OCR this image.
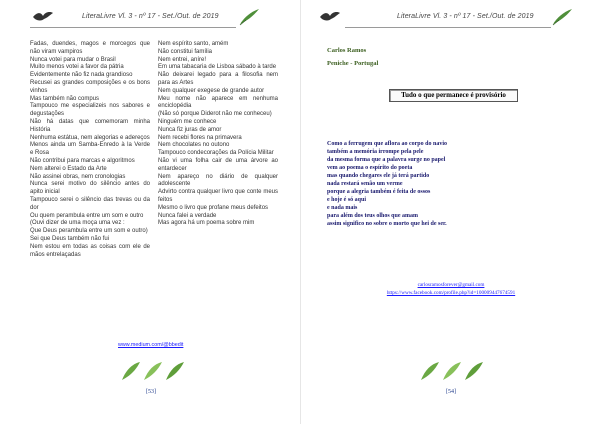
LiteraLivre Vl. 3 - nº 17 - Set./Out. de 2019

Fadas, duendes, magos e morcegos que não viram vampiros

Nunca votei para mudar o Brasil

Muito menos votei a favor da pátria

Evidentemente não fiz nada grandioso

Recusei as grandes composições e os bons vinhos

Mas também não compus

Tampouco me especializeis nos sabores e degustações

Não há datas que comemoram minha História

Nenhuma estátua, nem alegorias e adereços

Menos ainda um Samba-Enredo à la Verde e Rosa

Não contribui para marcas e algoritmos

Nem alterei o Estado da Arte

Não assinei obras, nem cronologias

Nunca serei motivo do silêncio antes do apito inicial

Tampouco serei o silêncio das trevas ou da dor

Ou quem perambula entre um som e outro

(Ouvi dizer de uma moça uma vez :

Que Deus perambula entre um som e outro)

Sei que Deus também não fui

Nem estou em todas as coisas com ele de mãos entrelaçadas

Nem espírito santo, amém

Não constitui família

Nem entrei, aníre!

Em uma tabacaria de Lisboa sábado à tarde

Não deixarei legado para a filosofia nem para as Artes

Nem qualquer exegese de grande autor

Meu nome não aparece em nenhuma enciclopédia

(Não só porque Diderot não me conheceu)

Ninguém me conhece

Nunca fiz juras de amor

Nem recebi flores na primavera

Nem chocolates no outono

Tampouco condecorações da Polícia Militar

Não vi uma folha cair de uma árvore ao entardecer

Nem apareço no diário de qualquer adolescente

Advirto contra qualquer livro que conte meus feitos

Mesmo o livro que profane meus defeitos

Nunca falei a verdade

Mas agora há um poema sobre mim

www.medium.com/@bbedit
[53]
LiteraLivre Vl. 3 - nº 17 - Set./Out. de 2019
Carlos Ramos
Peniche - Portugal
Tudo o que permanece é provisório
Como a ferrugem que aflora ao corpo do navio
também a memória irrompe pela pele
da mesma forma que a palavra surge no papel
vem ao poema o espírito do poeta
mas quando chegares ele já terá partido
nada restará senão um verme
porque a alegria também é feita de ossos
e hoje é só aqui
e nada mais
para além dos teus olhos que amam
assim significo no sobre o morto que hei de ser.
carlosramosforever@gmail.com
https://www.facebook.com/profile.php?id=100009447674591
[54]
